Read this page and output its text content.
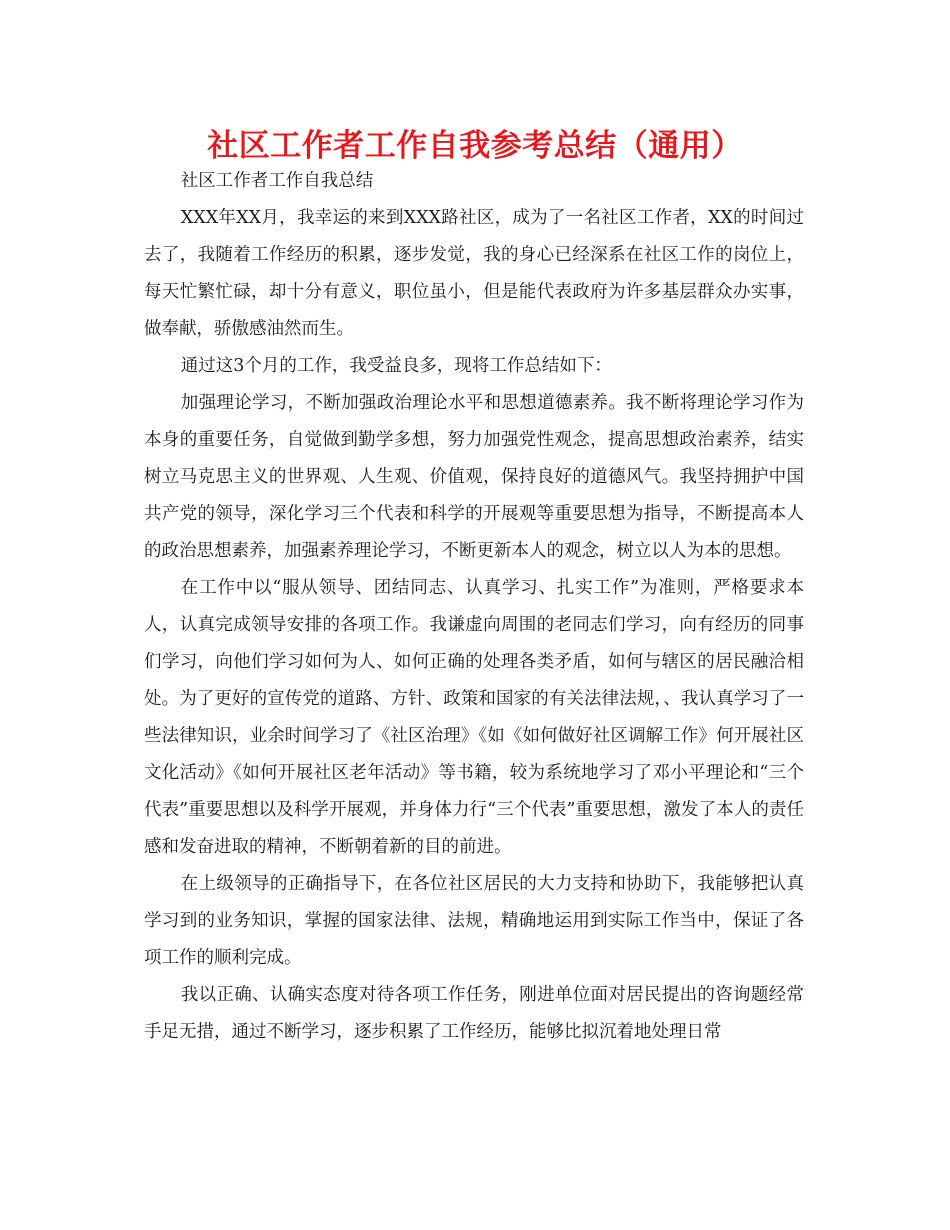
社区工作者工作自我参考总结（通用）

社区工作者工作自我总结

XXX年XX月，我幸运的来到XXX路社区，成为了一名社区工作者，XX的时间过去了，我随着工作经历的积累，逐步发觉，我的身心已经深系在社区工作的岗位上，每天忙繁忙碌，却十分有意义，职位虽小，但是能代表政府为许多基层群众办实事，做奉献，骄傲感油然而生。

通过这3个月的工作，我受益良多，现将工作总结如下：

加强理论学习，不断加强政治理论水平和思想道德素养。我不断将理论学习作为本身的重要任务，自觉做到勤学多想，努力加强党性观念，提高思想政治素养，结实树立马克思主义的世界观、人生观、价值观，保持良好的道德风气。我坚持拥护中国共产党的领导，深化学习三个代表和科学的开展观等重要思想为指导，不断提高本人的政治思想素养，加强素养理论学习，不断更新本人的观念，树立以人为本的思想。

在工作中以“服从领导、团结同志、认真学习、扎实工作”为准则，严格要求本人，认真完成领导安排的各项工作。我谦虚向周围的老同志们学习，向有经历的同事们学习，向他们学习如何为人、如何正确的处理各类矛盾，如何与辖区的居民融洽相处。为了更好的宣传党的道路、方针、政策和国家的有关法律法规，、我认真学习了一些法律知识，业余时间学习了《社区治理》《如《如何做好社区调解工作》何开展社区文化活动》《如何开展社区老年活动》等书籍，较为系统地学习了邓小平理论和“三个代表”重要思想以及科学开展观，并身体力行“三个代表”重要思想，激发了本人的责任感和发奋进取的精神，不断朝着新的目的前进。

在上级领导的正确指导下，在各位社区居民的大力支持和协助下，我能够把认真学习到的业务知识，掌握的国家法律、法规，精确地运用到实际工作当中，保证了各项工作的顺利完成。

我以正确、认确实态度对待各项工作任务，刚进单位面对居民提出的咨询题经常手足无措，通过不断学习，逐步积累了工作经历，能够比拟沉着地处理日常
